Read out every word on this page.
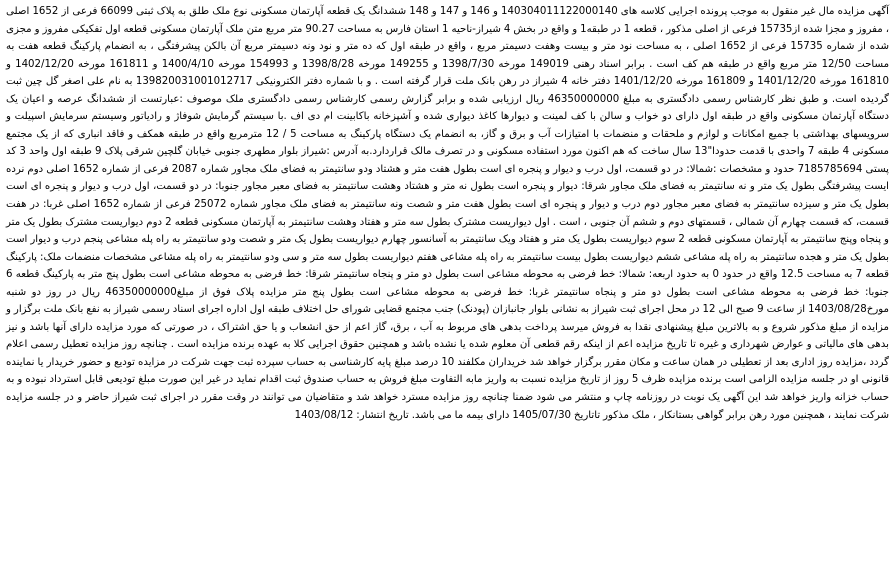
آگهی مزایده مال غیر منقول به موجب پرونده اجرایی کلاسه های 140304011122000140 و 146 و 147 و 148 ششدانگ یک قطعه آپارتمان مسکونی نوع ملک طلق به پلاک ثبتی 66099 فرعی از 1652 اصلی ، مفروز و مجزا شده از15735 فرعی از اصلی مذکور ، قطعه 1 در طبقه1 و واقع در بخش 4 شیراز-ناحیه 1 استان فارس به مساحت 90.27 متر مربع متن ملک آپارتمان مسکونی قطعه اول تفکیکی مفروز و مجزی شده از شماره 15735 فرعی از 1652 اصلی ، به مساحت نود متر و بیست وهفت دسیمتر مربع ، واقع در طبقه اول که ده متر و نود ونه دسیمتر مربع آن بالکن پیشرفتگی ، به انضمام پارکینگ قطعه هفت به مساحت 12/50 متر مربع واقع در طبقه هم کف است . برابر اسناد رهنی 149019 مورخه 1398/7/30 و 149255 مورخه 1398/8/28 و 154993 مورخه 1400/4/10 و 161811 مورخه 1402/12/20 و 161810 مورخه 1401/12/20 و 161809 مورخه 1401/12/20 دفتر خانه 4 شیراز در رهن بانک ملت قرار گرفته است . و با شماره دفتر الکترونیکی 139820031001012717 به نام علی اصغر گل چین ثبت گردیده است. و طبق نظر کارشناس رسمی دادگستری به مبلغ 46350000000 ریال ارزیابی شده و برابر گزارش رسمی کارشناس رسمی دادگستری ملک موصوف :عبارتست از ششدانگ عرصه و اعیان یک دستگاه آپارتمان مسکونی واقع در طبقه اول دارای دو خواب و سالن با کف لمینت و دیوارها کاغذ دیواری شده و آشپزخانه باکابینت ام دی اف .با سیستم گرمایش شوفاژ و رادیاتور وسیستم سرمایش اسپیلت و سرویسهای بهداشتی با جمیع امکانات و لوازم و ملحقات و منضمات با امتیازات آب و برق و گاز، به انضمام یک دستگاه پارکینگ به مساحت 5 / 12 مترمربع واقع در طبقه همکف و فاقد انباری که از یک مجتمع مسکونی 4 طبقه 7 واحدی با قدمت حدودا"13 سال ساخت که هم اکنون مورد استفاده مسکونی و در تصرف مالک قراردارد.به آدرس :شیراز بلوار مطهری جنوبی خیابان گلچین شرقی پلاک 9 طبقه اول واحد 3 کد پستی 7185785694 حدود و مشخصات :شمالا: در دو قسمت، اول درب و دیوار و پنجره ای است بطول هفت متر و هشتاد ودو سانتیمتر به فضای ملک مجاور شماره 2087 فرعی از شماره 1652 اصلی دوم نرده ایست پیشرفتگی بطول یک متر و نه سانتیمتر به فضای ملک مجاور شرقا: دیوار و پنجره است بطول نه متر و هشتاد وهشت سانتیمتر به فضای معبر مجاور جنوبا: در دو قسمت، اول درب و دیوار و پنجره ای است بطول یک متر و سیزده سانتیمتر به فضای معبر مجاور دوم درب و دیوار و پنجره ای است بطول هفت متر و شصت ونه سانتیمتر به فضای ملک مجاور شماره 25072 فرعی از شماره 1652 اصلی غربا: در هفت قسمت، که قسمت چهارم آن شمالی ، قسمتهای دوم و ششم آن جنوبی ، است . اول دیواریست مشترک بطول سه متر و هفتاد وهشت سانتیمتر به آپارتمان مسکونی قطعه 2 دوم دیواریست مشترک بطول یک متر و پنجاه وپنج سانتیمتر به آپارتمان مسکونی قطعه 2 سوم دیواریست بطول یک متر و هفتاد ویک سانتیمتر به آسانسور چهارم دیواریست بطول یک متر و شصت ودو سانتیمتر به راه پله مشاعی پنجم درب و دیوار است بطول یک متر و هجده سانتیمتر به راه پله مشاعی ششم دیواریست بطول بیست سانتیمتر به راه پله مشاعی هفتم دیواریست بطول سه متر و سی ودو سانتیمتر به راه پله مشاعی مشخصات منضمات ملک: پارکینگ قطعه 7 به مساحت 12.5 واقع در حدود 0 به حدود اربعه: شمالا: خط فرضی به محوطه مشاعی است بطول دو متر و پنجاه سانتیمتر شرقا: خط فرضی به محوطه مشاعی است بطول پنج متر به پارکینگ قطعه 6 جنوبا: خط فرضی به محوطه مشاعی است بطول دو متر و پنجاه سانتیمتر غربا: خط فرضی به محوطه مشاعی است بطول پنج متر مزایده پلاک فوق از مبلغ46350000000 ریال در روز دو شنبه مورخ1403/08/28 از ساعت 9 صبح الی 12 در محل اجرای ثبت شیراز به نشانی بلوار جانبازان (پودنک) جنب مجتمع قضایی شورای حل اختلاف طبقه اول اداره اجرای اسناد رسمی شیراز به نفع بانک ملت برگزار و مزایده از مبلغ مذکور شروع و به بالاترین مبلغ پیشنهادی نقدا به فروش میرسد پرداخت بدهی های مربوط به آب ، برق، گاز اعم از حق انشعاب و یا حق اشتراک ، در صورتی که مورد مزایده دارای آنها باشد و نیز بدهی های مالیاتی و عوارض شهرداری و غیره تا تاریخ مزایده اعم از اینکه رقم قطعی آن معلوم شده یا نشده باشد و همچنین حقوق اجرایی کلا به عهده برنده مزایده است . چنانچه روز مزایده تعطیل رسمی اعلام گردد ،مزایده روز اداری بعد از تعطیلی در همان ساعت و مکان مقرر برگزار خواهد شد خریداران مکلفند 10 درصد مبلغ پایه کارشناسی به حساب سپرده ثبت جهت شرکت در مزایده تودیع و حضور خریدار یا نماینده قانونی او در جلسه مزایده الزامی است برنده مزایده ظرف 5 روز از تاریخ مزایده نسبت به واریز مابه التفاوت مبلغ فروش به حساب صندوق ثبت اقدام نماید در غیر این صورت مبلغ تودیعی قابل استرداد نبوده و به حساب خزانه واریز خواهد شد این آگهی یک نوبت در روزنامه چاپ و منتشر می شود ضمنا چنانچه روز مزایده مسترد خواهد شد و متقاضیان می توانند در وقت مقرر در اجرای ثبت شیراز حاضر و در جلسه مزایده شرکت نمایند ، همچنین مورد رهن برابر گواهی بستانکار ، ملک مذکور تاتاریخ 1405/07/30 دارای بیمه ما می باشد. تاریخ انتشار: 1403/08/12
